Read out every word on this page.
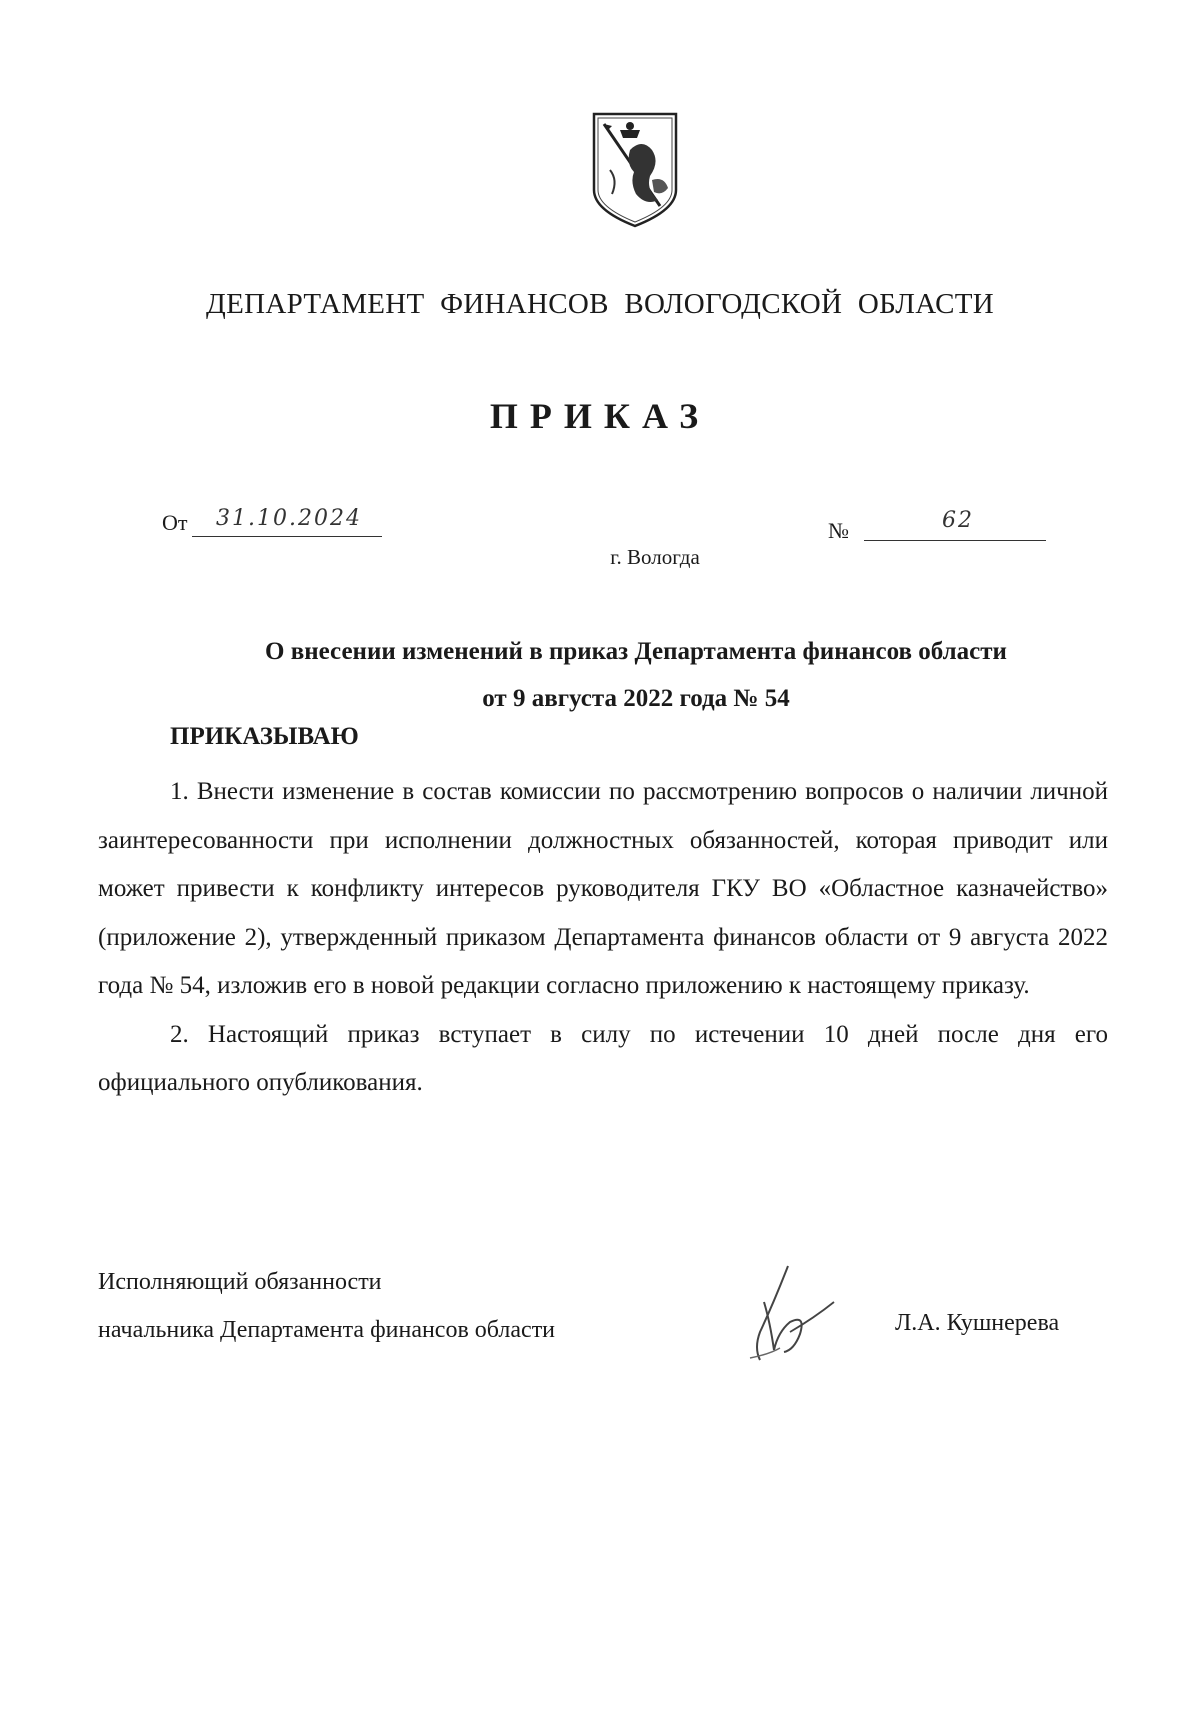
ДЕПАРТАМЕНТ ФИНАНСОВ ВОЛОГОДСКОЙ ОБЛАСТИ
ПРИКАЗ
От 31.10.2024	№	62
г. Вологда
О внесении изменений в приказ Департамента финансов области
от 9 августа 2022 года № 54
ПРИКАЗЫВАЮ

1. Внести изменение в состав комиссии по рассмотрению вопросов о наличии личной заинтересованности при исполнении должностных обязанностей, которая приводит или может привести к конфликту интересов руководителя ГКУ ВО «Областное казначейство» (приложение 2), утвержденный приказом Департамента финансов области от 9 августа 2022 года № 54, изложив его в новой редакции согласно приложению к настоящему приказу.

2. Настоящий приказ вступает в силу по истечении 10 дней после дня его официального опубликования.

Исполняющий обязанности
начальника Департамента финансов области	Л.А. Кушнерева
